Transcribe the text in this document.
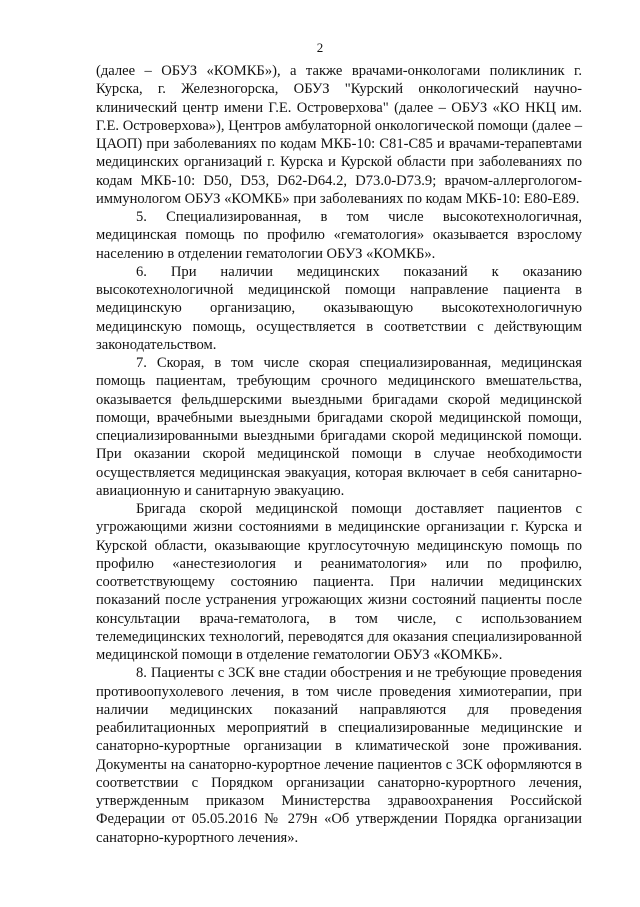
2

(далее – ОБУЗ «КОМКБ»), а также врачами-онкологами поликлиник г. Курска, г. Железногорска, ОБУЗ "Курский онкологический научно-клинический центр имени Г.Е. Островерхова" (далее – ОБУЗ «КО НКЦ им. Г.Е. Островерхова»), Центров амбулаторной онкологической помощи (далее – ЦАОП) при заболеваниях по кодам МКБ-10: С81-С85 и врачами-терапевтами медицинских организаций г. Курска и Курской области при заболеваниях по кодам МКБ-10: D50, D53, D62-D64.2, D73.0-D73.9; врачом-аллергологом-иммунологом ОБУЗ «КОМКБ» при заболеваниях по кодам МКБ-10: Е80-Е89.

5. Специализированная, в том числе высокотехнологичная, медицинская помощь по профилю «гематология» оказывается взрослому населению в отделении гематологии ОБУЗ «КОМКБ».

6. При наличии медицинских показаний к оказанию высокотехнологичной медицинской помощи направление пациента в медицинскую организацию, оказывающую высокотехнологичную медицинскую помощь, осуществляется в соответствии с действующим законодательством.

7. Скорая, в том числе скорая специализированная, медицинская помощь пациентам, требующим срочного медицинского вмешательства, оказывается фельдшерскими выездными бригадами скорой медицинской помощи, врачебными выездными бригадами скорой медицинской помощи, специализированными выездными бригадами скорой медицинской помощи. При оказании скорой медицинской помощи в случае необходимости осуществляется медицинская эвакуация, которая включает в себя санитарно-авиационную и санитарную эвакуацию.

Бригада скорой медицинской помощи доставляет пациентов с угрожающими жизни состояниями в медицинские организации г. Курска и Курской области, оказывающие круглосуточную медицинскую помощь по профилю «анестезиология и реаниматология» или по профилю, соответствующему состоянию пациента. При наличии медицинских показаний после устранения угрожающих жизни состояний пациенты после консультации врача-гематолога, в том числе, с использованием телемедицинских технологий, переводятся для оказания специализированной медицинской помощи в отделение гематологии ОБУЗ «КОМКБ».

8. Пациенты с ЗСК вне стадии обострения и не требующие проведения противоопухолевого лечения, в том числе проведения химиотерапии, при наличии медицинских показаний направляются для проведения реабилитационных мероприятий в специализированные медицинские и санаторно-курортные организации в климатической зоне проживания. Документы на санаторно-курортное лечение пациентов с ЗСК оформляются в соответствии с Порядком организации санаторно-курортного лечения, утвержденным приказом Министерства здравоохранения Российской Федерации от 05.05.2016 № 279н «Об утверждении Порядка организации санаторно-курортного лечения».
